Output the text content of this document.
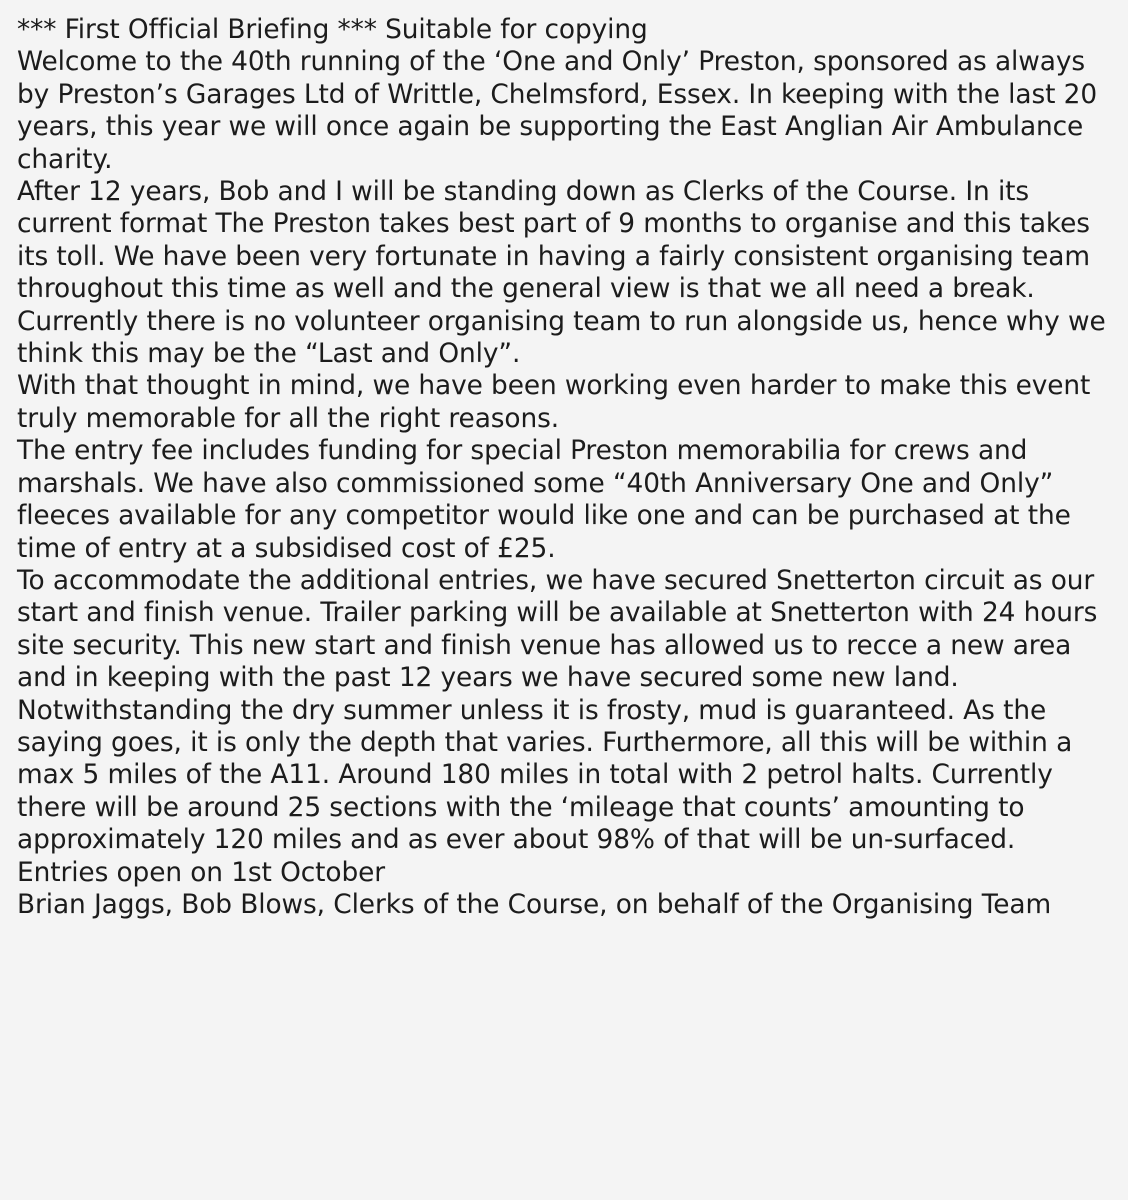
*** First Official Briefing *** Suitable for copying

Welcome to the 40th running of the ‘One and Only’ Preston, sponsored as always by Preston’s Garages Ltd of Writtle, Chelmsford, Essex. In keeping with the last 20 years, this year we will once again be supporting the East Anglian Air Ambulance charity.

After 12 years, Bob and I will be standing down as Clerks of the Course. In its current format The Preston takes best part of 9 months to organise and this takes its toll. We have been very fortunate in having a fairly consistent organising team throughout this time as well and the general view is that we all need a break. Currently there is no volunteer organising team to run alongside us, hence why we think this may be the “Last and Only”.

With that thought in mind, we have been working even harder to make this event truly memorable for all the right reasons.

The entry fee includes funding for special Preston memorabilia for crews and marshals. We have also commissioned some “40th Anniversary One and Only” fleeces available for any competitor would like one and can be purchased at the time of entry at a subsidised cost of £25.

To accommodate the additional entries, we have secured Snetterton circuit as our start and finish venue. Trailer parking will be available at Snetterton with 24 hours site security. This new start and finish venue has allowed us to recce a new area and in keeping with the past 12 years we have secured some new land.

Notwithstanding the dry summer unless it is frosty, mud is guaranteed. As the saying goes, it is only the depth that varies. Furthermore, all this will be within a max 5 miles of the A11. Around 180 miles in total with 2 petrol halts. Currently there will be around 25 sections with the ‘mileage that counts’ amounting to approximately 120 miles and as ever about 98% of that will be un-surfaced.

Entries open on 1st October

Brian Jaggs, Bob Blows, Clerks of the Course, on behalf of the Organising Team
